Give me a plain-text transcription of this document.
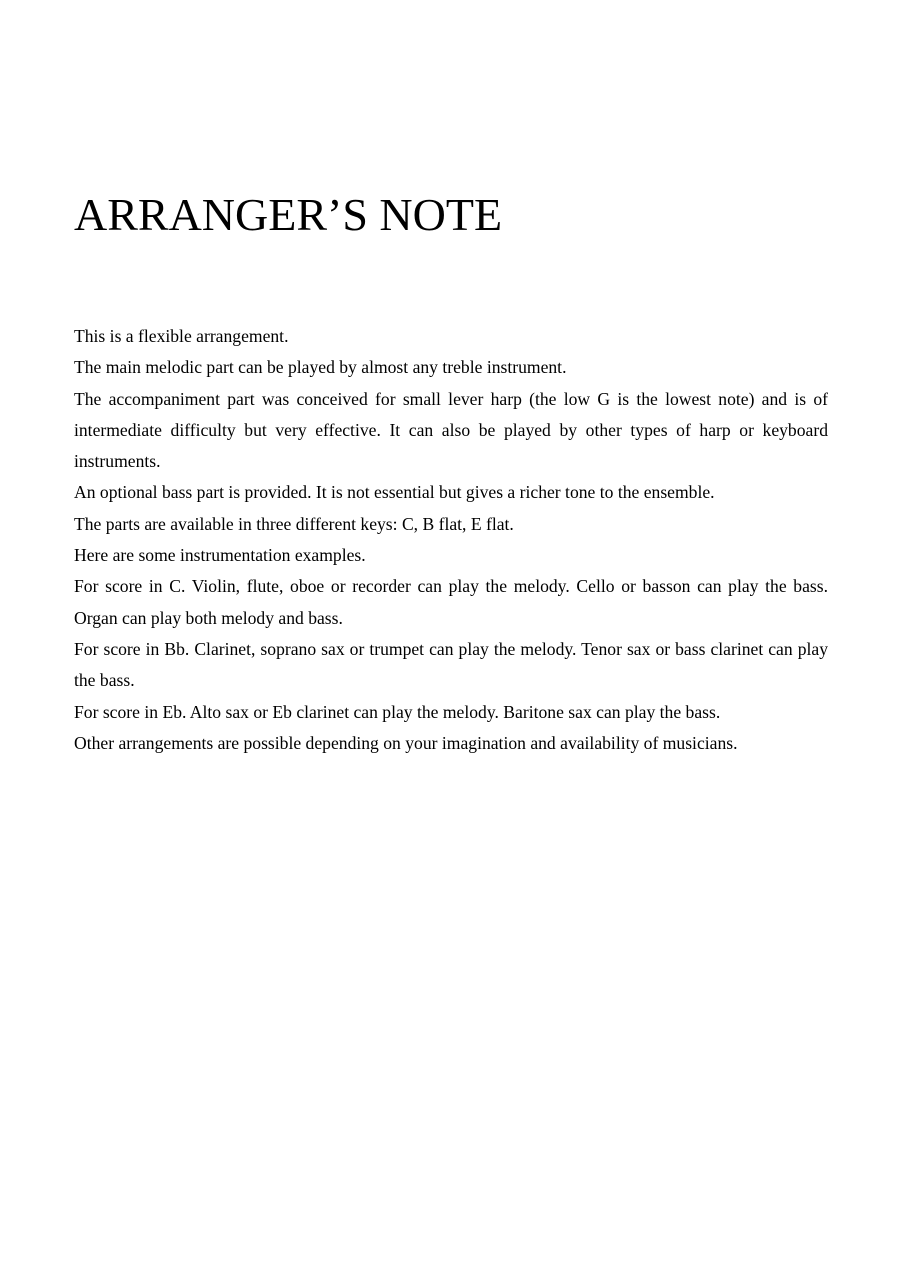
ARRANGER’S NOTE

This is a flexible arrangement.

The main melodic part can be played by almost any treble instrument.

The accompaniment part was conceived for small lever harp (the low G is the lowest note) and is of intermediate difficulty but very effective. It can also be played by other types of harp or keyboard instruments.

An optional bass part is provided. It is not essential but gives a richer tone to the ensemble.

The parts are available in three different keys: C, B flat, E flat.

Here are some instrumentation examples.

For score in C. Violin, flute, oboe or recorder can play the melody. Cello or basson can play the bass. Organ can play both melody and bass.

For score in Bb. Clarinet, soprano sax or trumpet can play the melody. Tenor sax or bass clarinet can play the bass.

For score in Eb. Alto sax or Eb clarinet can play the melody. Baritone sax can play the bass.

Other arrangements are possible depending on your imagination and availability of musicians.
